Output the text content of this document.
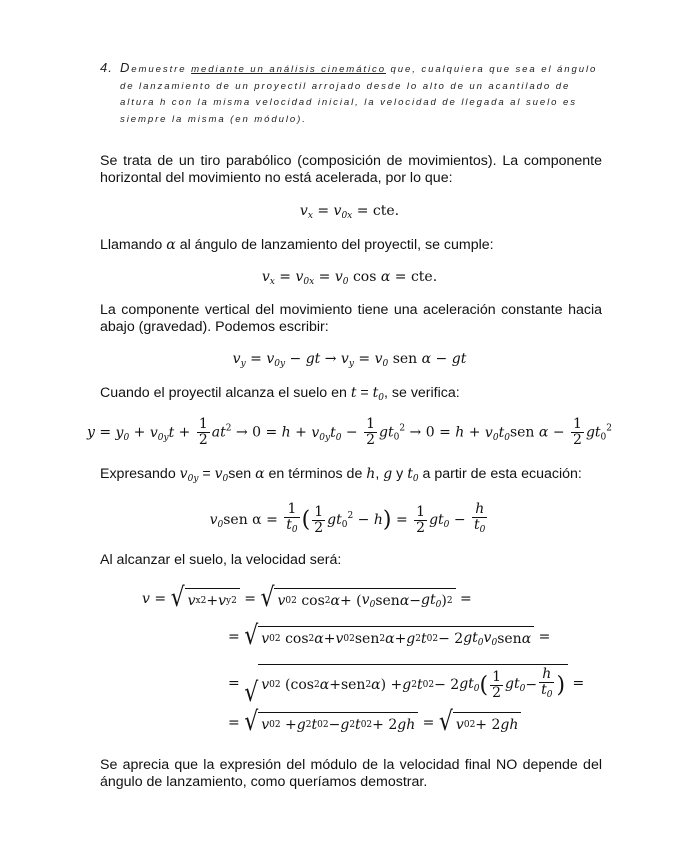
4. Demuestre mediante un análisis cinemático que, cualquiera que sea el ángulo de lanzamiento de un proyectil arrojado desde lo alto de un acantilado de altura h con la misma velocidad inicial, la velocidad de llegada al suelo es siempre la misma (en módulo).
Se trata de un tiro parabólico (composición de movimientos). La componente horizontal del movimiento no está acelerada, por lo que:
$v_x = v_{0x}$ = cte.
Llamando α al ángulo de lanzamiento del proyectil, se cumple:
$v_x = v_{0x} = v_0$ cos α = cte.
La componente vertical del movimiento tiene una aceleración constante hacia abajo (gravedad). Podemos escribir:
$v_y = v_{0y}$ − gt → $v_y = v_0$ sen α − gt
Cuando el proyectil alcanza el suelo en $t = t_0$, se verifica:
$y = y_0 + v_{0y}t + \frac{1}{2} at^2 \to 0 = h + v_{0y}t_0 - \frac{1}{2} gt_0^2 \to 0 = h + v_0t_0sen$ $\alpha - \frac{1}{2} gt_0^2$
Expresando $v_{0y} = v_0sen$ α en términos de h, g y $t_0$ a partir de esta ecuación:
$v_0sen$ $\alpha = \frac{1}{t_0}$ ( $\frac{1}{2} gt_0^2 - h) = \frac{1}{2} gt_0 - \frac{h}{t_0}$
Al alcanzar el suelo, la velocidad será:
v = √ v x 2 + v y 2 = √ v 0 2
cos 2 α + ( $v_0$ sen $\alpha - gt_0$ ) 2 =
= √ v 0 2
cos 2 α + v 0 2 sen 2 α + g 2 t 0 2 − 2 $gt_0v_0$ sen α =
= √ v 0 2 ( cos 2 α + sen 2 α ) + g 2 t 0 2 − 2 $gt_0$ ( $\frac{1}{2} gt_0 - \frac{h}{t_0}$ ) =
= √ v 0 2 + g 2 t 0 2 − g 2 t 0 2 + 2 gh = √ v 0 2 + 2 gh
Se aprecia que la expresión del módulo de la velocidad final NO depende del ángulo de lanzamiento, como queríamos demostrar.
